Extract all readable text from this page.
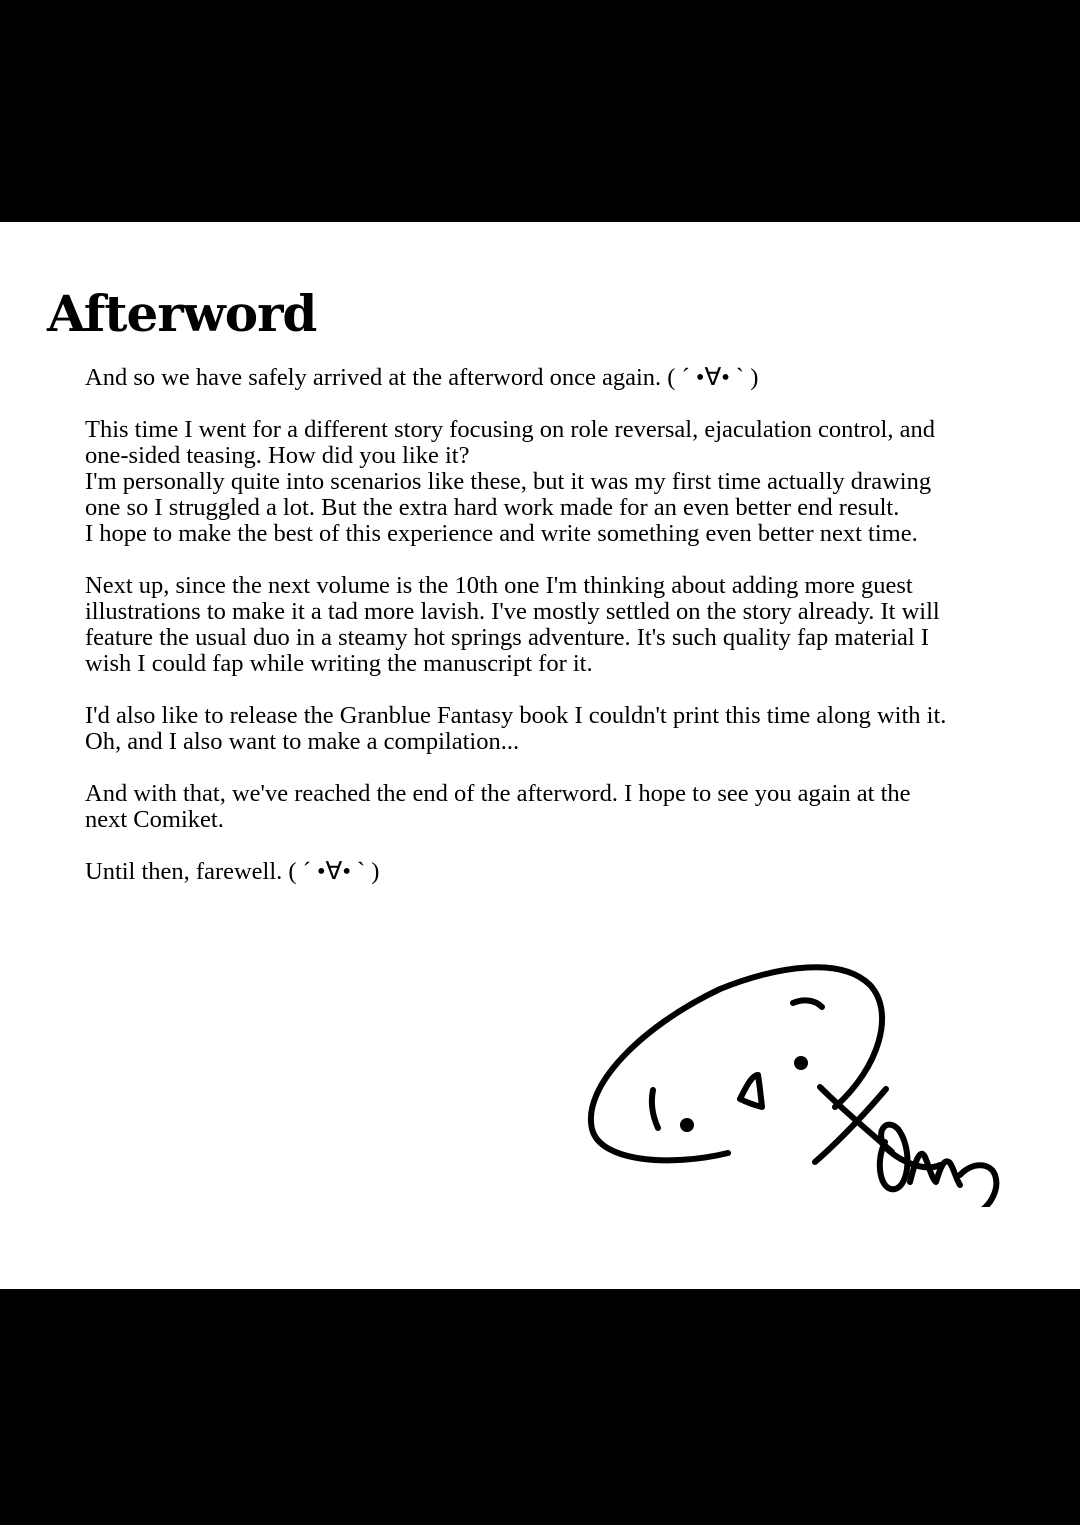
Afterword

And so we have safely arrived at the afterword once again. ( ´ •∀• ` )

This time I went for a different story focusing on role reversal, ejaculation control, and
one-sided teasing. How did you like it?
I'm personally quite into scenarios like these, but it was my first time actually drawing
one so I struggled a lot. But the extra hard work made for an even better end result.
I hope to make the best of this experience and write something even better next time.

Next up, since the next volume is the 10th one I'm thinking about adding more guest
illustrations to make it a tad more lavish. I've mostly settled on the story already. It will
feature the usual duo in a steamy hot springs adventure. It's such quality fap material I
wish I could fap while writing the manuscript for it.

I'd also like to release the Granblue Fantasy book I couldn't print this time along with it.
Oh, and I also want to make a compilation...

And with that, we've reached the end of the afterword. I hope to see you again at the
next Comiket.

Until then, farewell. ( ´ •∀• ` )
